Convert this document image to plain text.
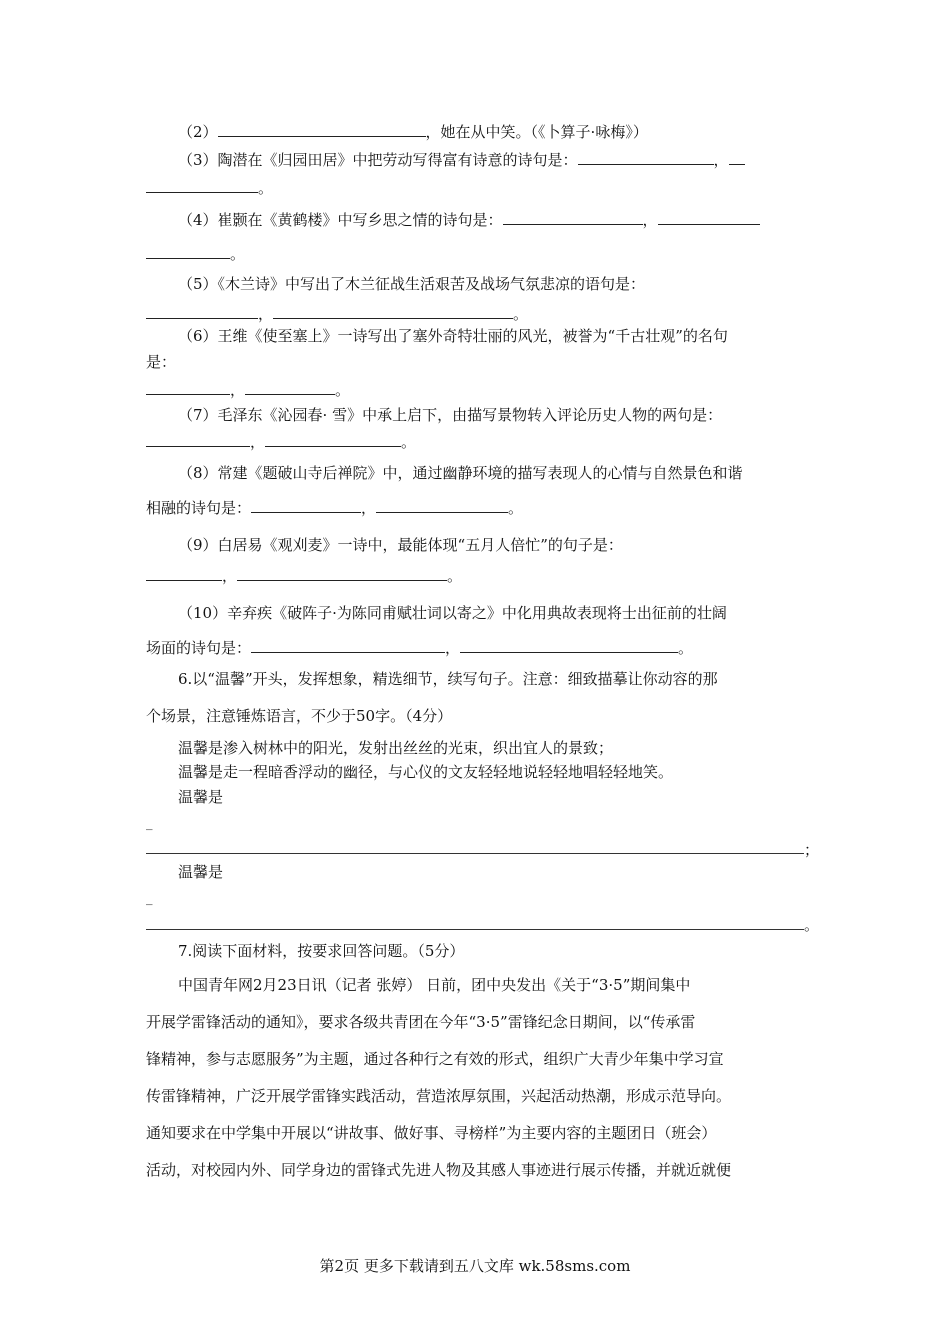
（2）	，她在从中笑。（《卜算子·咏梅》）
（3）陶潜在《归园田居》中把劳动写得富有诗意的诗句是：	，
。
（4）崔颢在《黄鹤楼》中写乡思之情的诗句是：	，
。
（5）《木兰诗》中写出了木兰征战生活艰苦及战场气氛悲凉的语句是：
，	。
（6）王维《使至塞上》一诗写出了塞外奇特壮丽的风光，被誉为“千古壮观”的名句
是：
，	。
（7）毛泽东《沁园春· 雪》中承上启下，由描写景物转入评论历史人物的两句是：
，	。
（8）常建《题破山寺后禅院》中，通过幽静环境的描写表现人的心情与自然景色和谐
相融的诗句是：	，	。
（9）白居易《观刈麦》一诗中，最能体现“五月人倍忙”的句子是：
，	。
（10）辛弃疾《破阵子·为陈同甫赋壮词以寄之》中化用典故表现将士出征前的壮阔
场面的诗句是：	，	。
6.以“温馨”开头，发挥想象，精选细节，续写句子。注意：细致描摹让你动容的那
个场景，注意锤炼语言，不少于50字。（4分）
温馨是渗入树林中的阳光，发射出丝丝的光束，织出宜人的景致；
温馨是走一程暗香浮动的幽径，与心仪的文友轻轻地说轻轻地唱轻轻地笑。
温馨是
_
；
温馨是
_
。
7.阅读下面材料，按要求回答问题。（5分）
中国青年网2月23日讯（记者 张婷） 日前，团中央发出《关于“3·5”期间集中
开展学雷锋活动的通知》，要求各级共青团在今年“3·5”雷锋纪念日期间，以“传承雷
锋精神，参与志愿服务”为主题，通过各种行之有效的形式，组织广大青少年集中学习宣
传雷锋精神，广泛开展学雷锋实践活动，营造浓厚氛围，兴起活动热潮，形成示范导向。
通知要求在中学集中开展以“讲故事、做好事、寻榜样”为主要内容的主题团日（班会）
活动，对校园内外、同学身边的雷锋式先进人物及其感人事迹进行展示传播，并就近就便
第2页 更多下载请到五八文库 wk.58sms.com
